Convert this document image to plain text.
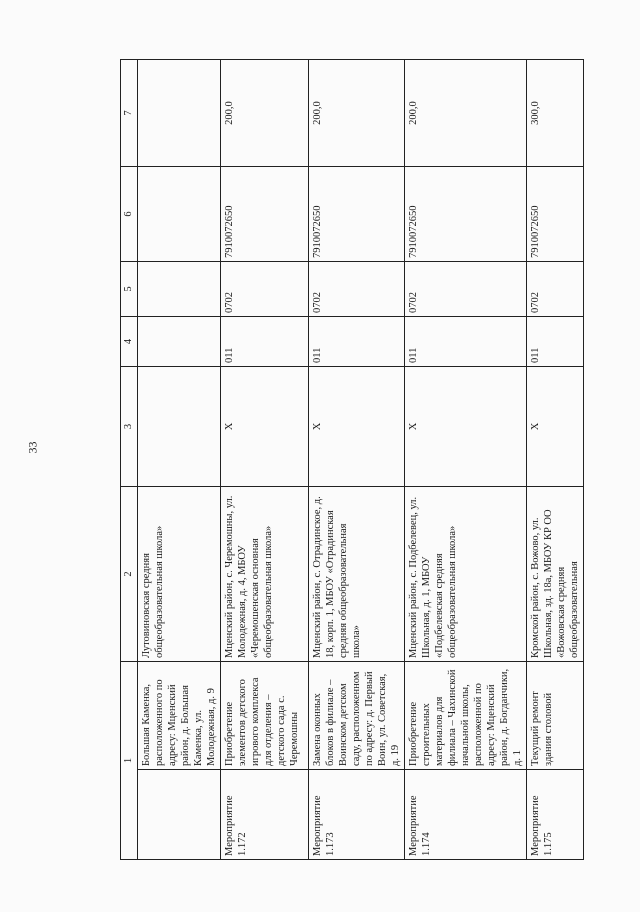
33
1		2	3	4	5	6	7
	Большая Каменка, расположенного по адресу: Мценский район, д. Большая Каменка, ул. Молодежная, д. 9	Лутовиновская средняя общеобразовательная школа»					
Мероприятие 1.172	Приобретение элементов детского игрового комплекса для отделения – детского сада с. Черемошны	Мценский район, с. Черемошны, ул. Молодежная, д. 4, МБОУ «Черемошенская основная общеобразовательная школа»	Х	011	0702	7910072650	200,0
Мероприятие 1.173	Замена оконных блоков в филиале – Воинском детском саду, расположенном по адресу: д. Первый Воин, ул. Советская, д. 19	Мценский район, с. Отрадинское, д. 18, корп. 1, МБОУ «Отрадинская средняя общеобразовательная школа»	Х	011	0702	7910072650	200,0
Мероприятие 1.174	Приобретение строительных материалов для филиала – Чахинской начальной школы, расположенной по адресу: Мценский район, д. Богданчики, д. 1	Мценский район, с. Подбелевец, ул. Школьная, д. 1, МБОУ «Подбелевская средняя общеобразовательная школа»	Х	011	0702	7910072650	200,0
Мероприятие 1.175	Текущий ремонт здания столовой	Кромской район, с. Вожово, ул. Школьная, зд. 18а, МБОУ КР ОО «Вожовская средняя общеобразовательная	Х	011	0702	7910072650	300,0
